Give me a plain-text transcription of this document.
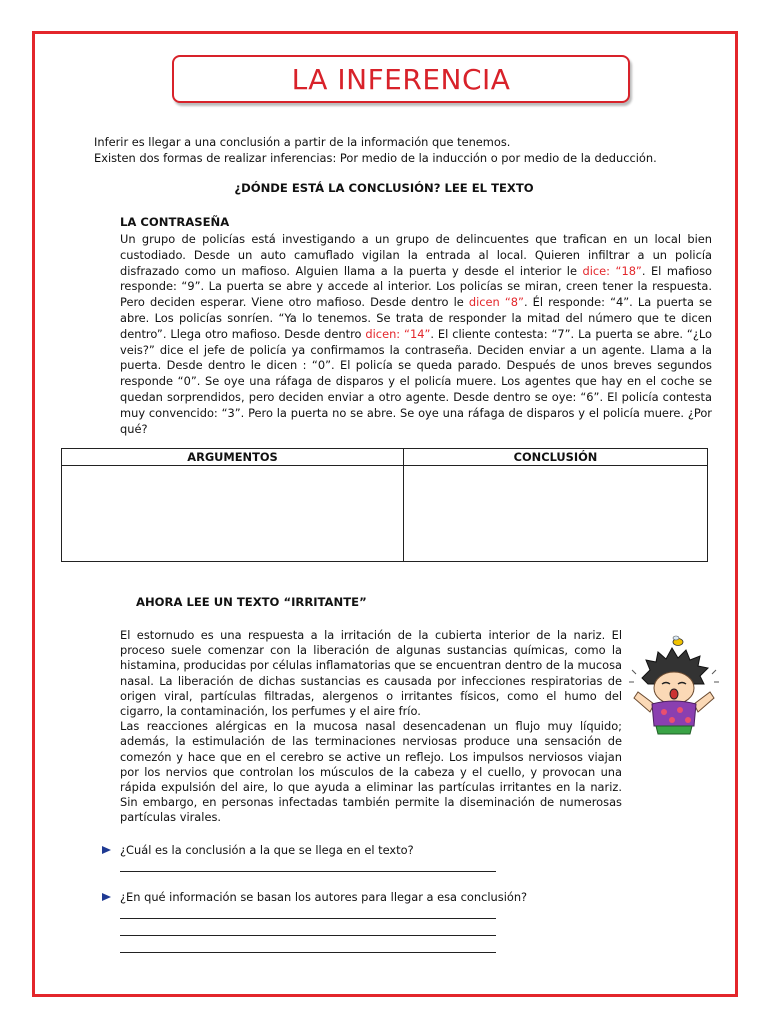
LA INFERENCIA
Inferir es llegar a una conclusión a partir de la información que tenemos.
Existen dos formas de realizar inferencias: Por medio de la inducción o por medio de la deducción.
¿DÓNDE ESTÁ LA CONCLUSIÓN? LEE EL TEXTO
LA CONTRASEÑA
Un grupo de policías está investigando a un grupo de delincuentes que trafican en un local bien custodiado. Desde un auto camuflado vigilan la entrada al local. Quieren infiltrar a un policía disfrazado como un mafioso. Alguien llama a la puerta y desde el interior le dice: “18”. El mafioso responde: “9”. La puerta se abre y accede al interior. Los policías se miran, creen tener la respuesta. Pero deciden esperar. Viene otro mafioso. Desde dentro le dicen “8”. Él responde: “4”. La puerta se abre. Los policías sonríen. “Ya lo tenemos. Se trata de responder la mitad del número que te dicen dentro”. Llega otro mafioso. Desde dentro dicen: “14”. El cliente contesta: “7”. La puerta se abre. “¿Lo veis?” dice el jefe de policía ya confirmamos la contraseña. Deciden enviar a un agente. Llama a la puerta. Desde dentro le dicen : “0”. El policía se queda parado. Después de unos breves segundos responde “0”. Se oye una ráfaga de disparos y el policía muere. Los agentes que hay en el coche se quedan sorprendidos, pero deciden enviar a otro agente. Desde dentro se oye: “6”. El policía contesta muy convencido: “3”. Pero la puerta no se abre. Se oye una ráfaga de disparos y el policía muere. ¿Por qué?
ARGUMENTOS	CONCLUSIÓN

AHORA LEE UN TEXTO “IRRITANTE”
El estornudo es una respuesta a la irritación de la cubierta interior de la nariz. El proceso suele comenzar con la liberación de algunas sustancias químicas, como la histamina, producidas por células inflamatorias que se encuentran dentro de la mucosa nasal. La liberación de dichas sustancias es causada por infecciones respiratorias de origen viral, partículas filtradas, alergenos o irritantes físicos, como el humo del cigarro, la contaminación, los perfumes y el aire frío.
Las reacciones alérgicas en la mucosa nasal desencadenan un flujo muy líquido; además, la estimulación de las terminaciones nerviosas produce una sensación de comezón y hace que en el cerebro se active un reflejo. Los impulsos nerviosos viajan por los nervios que controlan los músculos de la cabeza y el cuello, y provocan una rápida expulsión del aire, lo que ayuda a eliminar las partículas irritantes en la nariz. Sin embargo, en personas infectadas también permite la diseminación de numerosas partículas virales.
¿Cuál es la conclusión a la que se llega en el texto?
¿En qué información se basan los autores para llegar a esa conclusión?
